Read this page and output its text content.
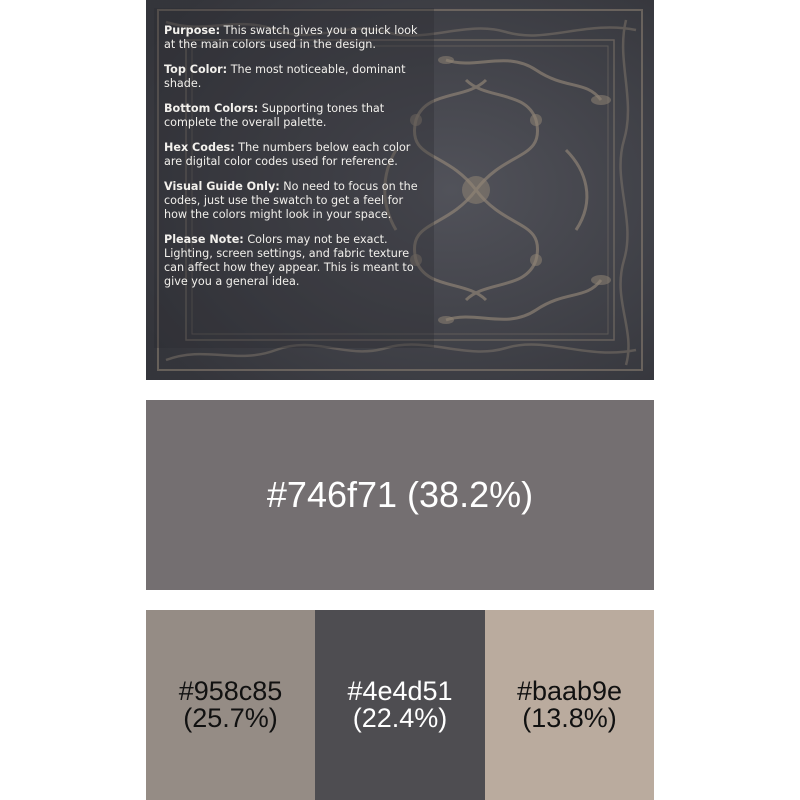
Purpose: This swatch gives you a quick look at the main colors used in the design.

Top Color: The most noticeable, dominant shade.

Bottom Colors: Supporting tones that complete the overall palette.

Hex Codes: The numbers below each color are digital color codes used for reference.

Visual Guide Only: No need to focus on the codes, just use the swatch to get a feel for how the colors might look in your space.

Please Note: Colors may not be exact. Lighting, screen settings, and fabric texture can affect how they appear. This is meant to give you a general idea.

#746f71 (38.2%)
#958c85
(25.7%)
#4e4d51
(22.4%)
#baab9e
(13.8%)
